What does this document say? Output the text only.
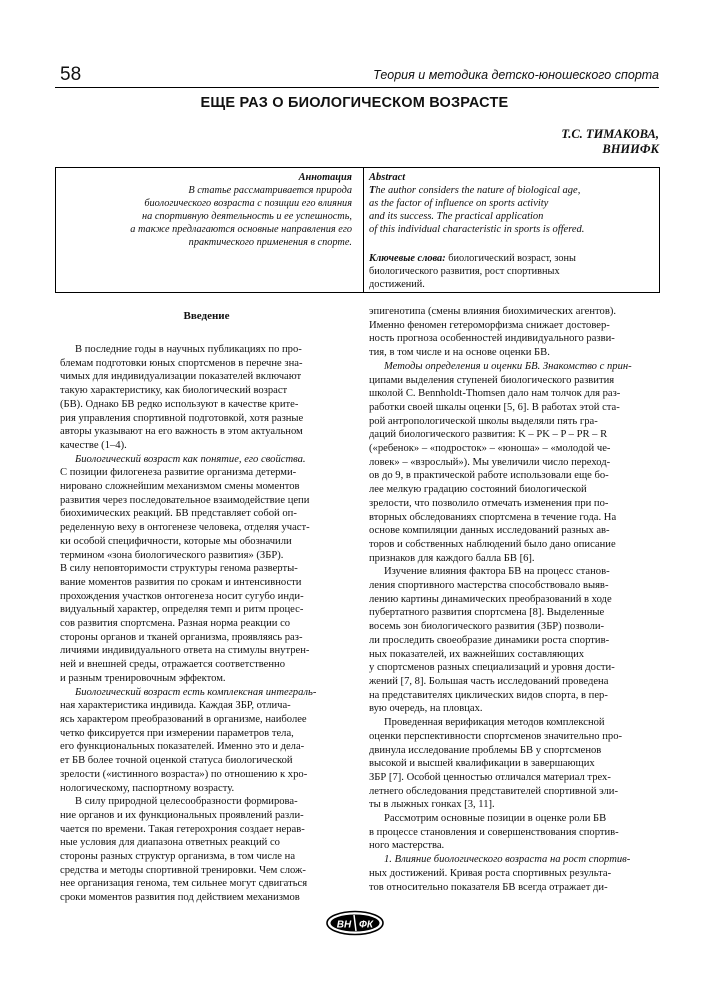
58	Теория и методика детско-юношеского спорта
ЕЩЕ РАЗ О БИОЛОГИЧЕСКОМ ВОЗРАСТЕ
Т.С. ТИМАКОВА,
ВНИИФК
Аннотация
В статье рассматривается природа
биологического возраста с позиции его влияния
на спортивную деятельность и ее успешность,
а также предлагаются основные направления его
практического применения в спорте.
Abstract
The author considers the nature of biological age,
as the factor of influence on sports activity
and its success. The practical application
of this individual characteristic in sports is offered.
Ключевые слова: биологический возраст, зоны
биологического развития, рост спортивных
достижений.
Введение
В последние годы в научных публикациях по про-
блемам подготовки юных спортсменов в перечне зна-
чимых для индивидуализации показателей включают
такую характеристику, как биологический возраст
(БВ). Однако БВ редко используют в качестве крите-
рия управления спортивной подготовкой, хотя разные
авторы указывают на его важность в этом актуальном
качестве (1–4).
Биологический возраст как понятие, его свойства.
С позиции филогенеза развитие организма детерми-
нировано сложнейшим механизмом смены моментов
развития через последовательное взаимодействие цепи
биохимических реакций. БВ представляет собой оп-
ределенную веху в онтогенезе человека, отделяя участ-
ки особой специфичности, которые мы обозначили
термином «зона биологического развития» (ЗБР).
В силу неповторимости структуры генома разверты-
вание моментов развития по срокам и интенсивности
прохождения участков онтогенеза носит сугубо инди-
видуальный характер, определяя темп и ритм процес-
сов развития спортсмена. Разная норма реакции со
стороны органов и тканей организма, проявляясь раз-
личиями индивидуального ответа на стимулы внутрен-
ней и внешней среды, отражается соответственно
и разным тренировочным эффектом.
Биологический возраст есть комплексная интеграль-
ная характеристика индивида. Каждая ЗБР, отлича-
ясь характером преобразований в организме, наиболее
четко фиксируется при измерении параметров тела,
его функциональных показателей. Именно это и дела-
ет БВ более точной оценкой статуса биологической
зрелости («истинного возраста») по отношению к хро-
нологическому, паспортному возрасту.
В силу природной целесообразности формирова-
ние органов и их функциональных проявлений разли-
чается по времени. Такая гетерохрония создает нерав-
ные условия для диапазона ответных реакций со
стороны разных структур организма, в том числе на
средства и методы спортивной тренировки. Чем слож-
нее организация генома, тем сильнее могут сдвигаться
сроки моментов развития под действием механизмов
эпигенотипа (смены влияния биохимических агентов).
Именно феномен гетероморфизма снижает достовер-
ность прогноза особенностей индивидуального разви-
тия, в том числе и на основе оценки БВ.
Методы определения и оценки БВ. Знакомство с прин-
ципами выделения ступеней биологического развития
школой C. Bennholdt-Thomsen дало нам толчок для раз-
работки своей шкалы оценки [5, 6]. В работах этой ста-
рой антропологической школы выделяли пять гра-
даций биологического развития: K – PK – P – PR – R
(«ребенок» – «подросток» – «юноша» – «молодой че-
ловек» – «взрослый»). Мы увеличили число переход-
ов до 9, в практической работе использовали еще бо-
лее мелкую градацию состояний биологической
зрелости, что позволило отмечать изменения при по-
вторных обследованиях спортсмена в течение года. На
основе компиляции данных исследований разных ав-
торов и собственных наблюдений было дано описание
признаков для каждого балла БВ [6].
Изучение влияния фактора БВ на процесс станов-
ления спортивного мастерства способствовало выяв-
лению картины динамических преобразований в ходе
пубертатного развития спортсмена [8]. Выделенные
восемь зон биологического развития (ЗБР) позволи-
ли проследить своеобразие динамики роста спортив-
ных показателей, их важнейших составляющих
у спортсменов разных специализаций и уровня дости-
жений [7, 8]. Большая часть исследований проведена
на представителях циклических видов спорта, в пер-
вую очередь, на пловцах.
Проведенная верификация методов комплексной
оценки перспективности спортсменов значительно про-
двинула исследование проблемы БВ у спортсменов
высокой и высшей квалификации в завершающих
ЗБР [7]. Особой ценностью отличался материал трех-
летнего обследования представителей спортивной эли-
ты в лыжных гонках [3, 11].
Рассмотрим основные позиции в оценке роли БВ
в процессе становления и совершенствования спортив-
ного мастерства.
1. Влияние биологического возраста на рост спортив-
ных достижений. Кривая роста спортивных результа-
тов относительно показателя БВ всегда отражает ди-
ВН ФК
